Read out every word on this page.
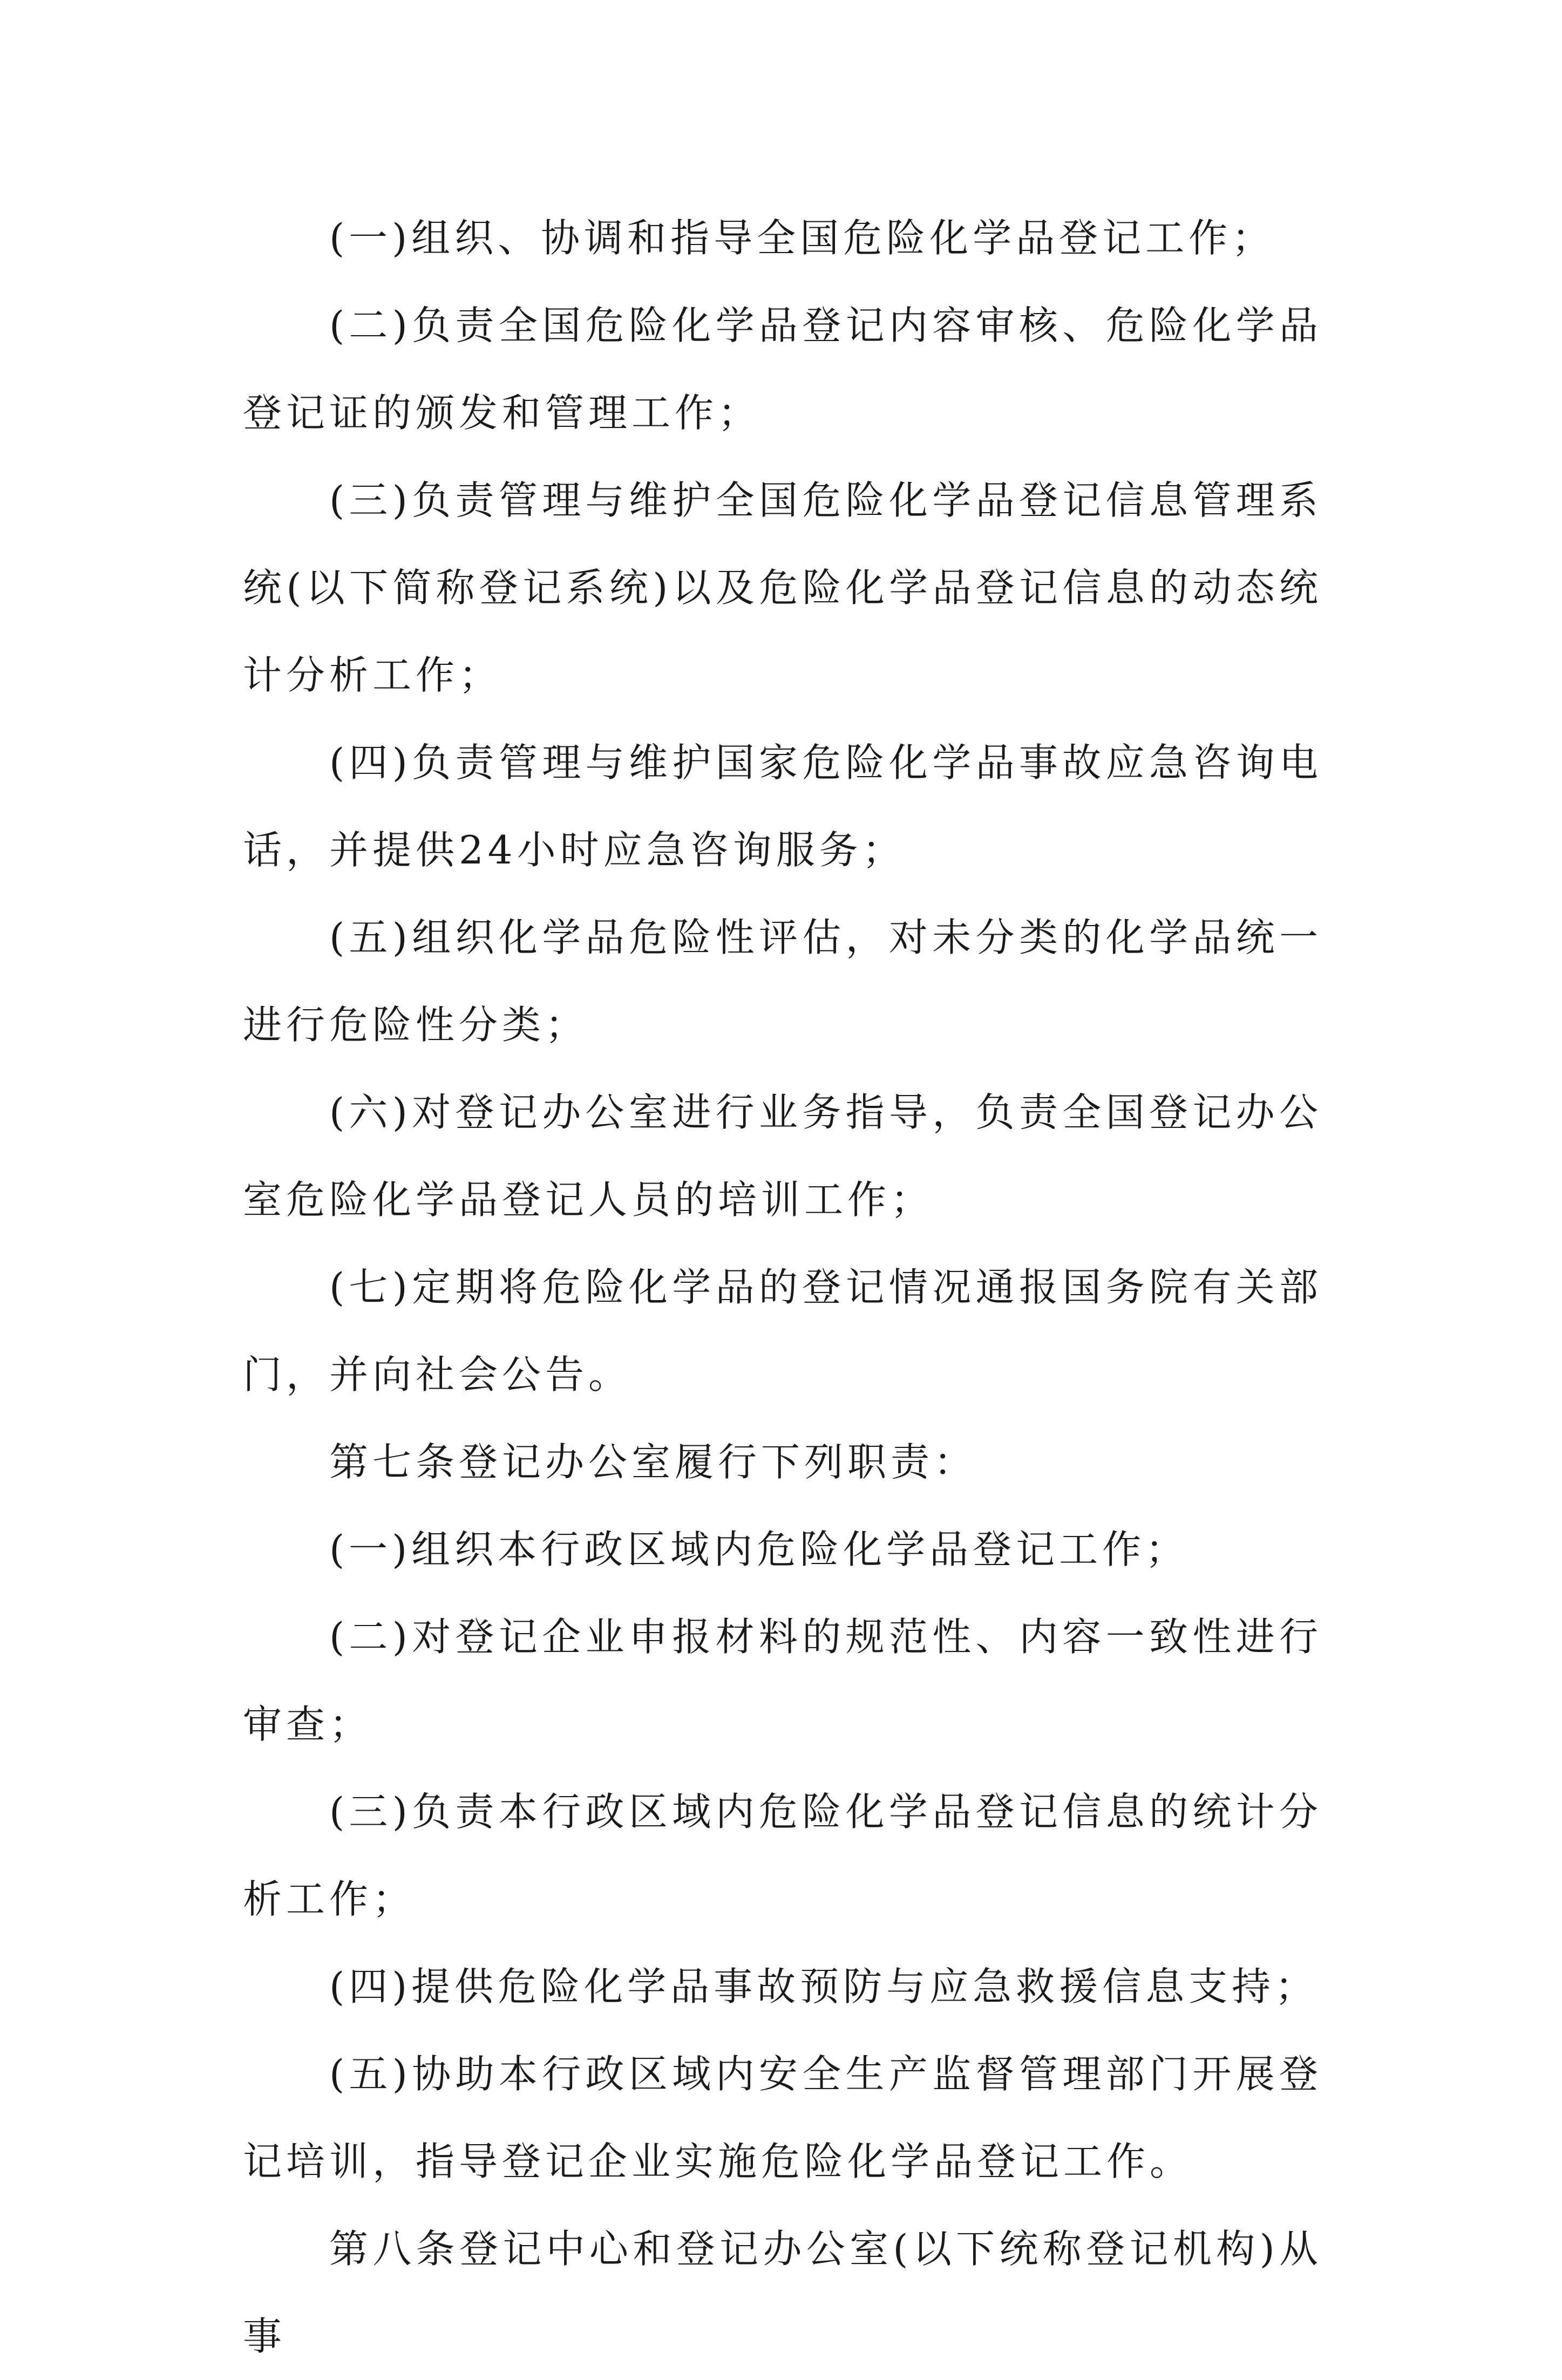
(一)组织、协调和指导全国危险化学品登记工作；

(二)负责全国危险化学品登记内容审核、危险化学品登记证的颁发和管理工作；

(三)负责管理与维护全国危险化学品登记信息管理系统(以下简称登记系统)以及危险化学品登记信息的动态统计分析工作；

(四)负责管理与维护国家危险化学品事故应急咨询电话，并提供24小时应急咨询服务；

(五)组织化学品危险性评估，对未分类的化学品统一进行危险性分类；

(六)对登记办公室进行业务指导，负责全国登记办公室危险化学品登记人员的培训工作；

(七)定期将危险化学品的登记情况通报国务院有关部门，并向社会公告。

第七条登记办公室履行下列职责：

(一)组织本行政区域内危险化学品登记工作；

(二)对登记企业申报材料的规范性、内容一致性进行审查；

(三)负责本行政区域内危险化学品登记信息的统计分析工作；

(四)提供危险化学品事故预防与应急救援信息支持；

(五)协助本行政区域内安全生产监督管理部门开展登记培训，指导登记企业实施危险化学品登记工作。

第八条登记中心和登记办公室(以下统称登记机构)从事
